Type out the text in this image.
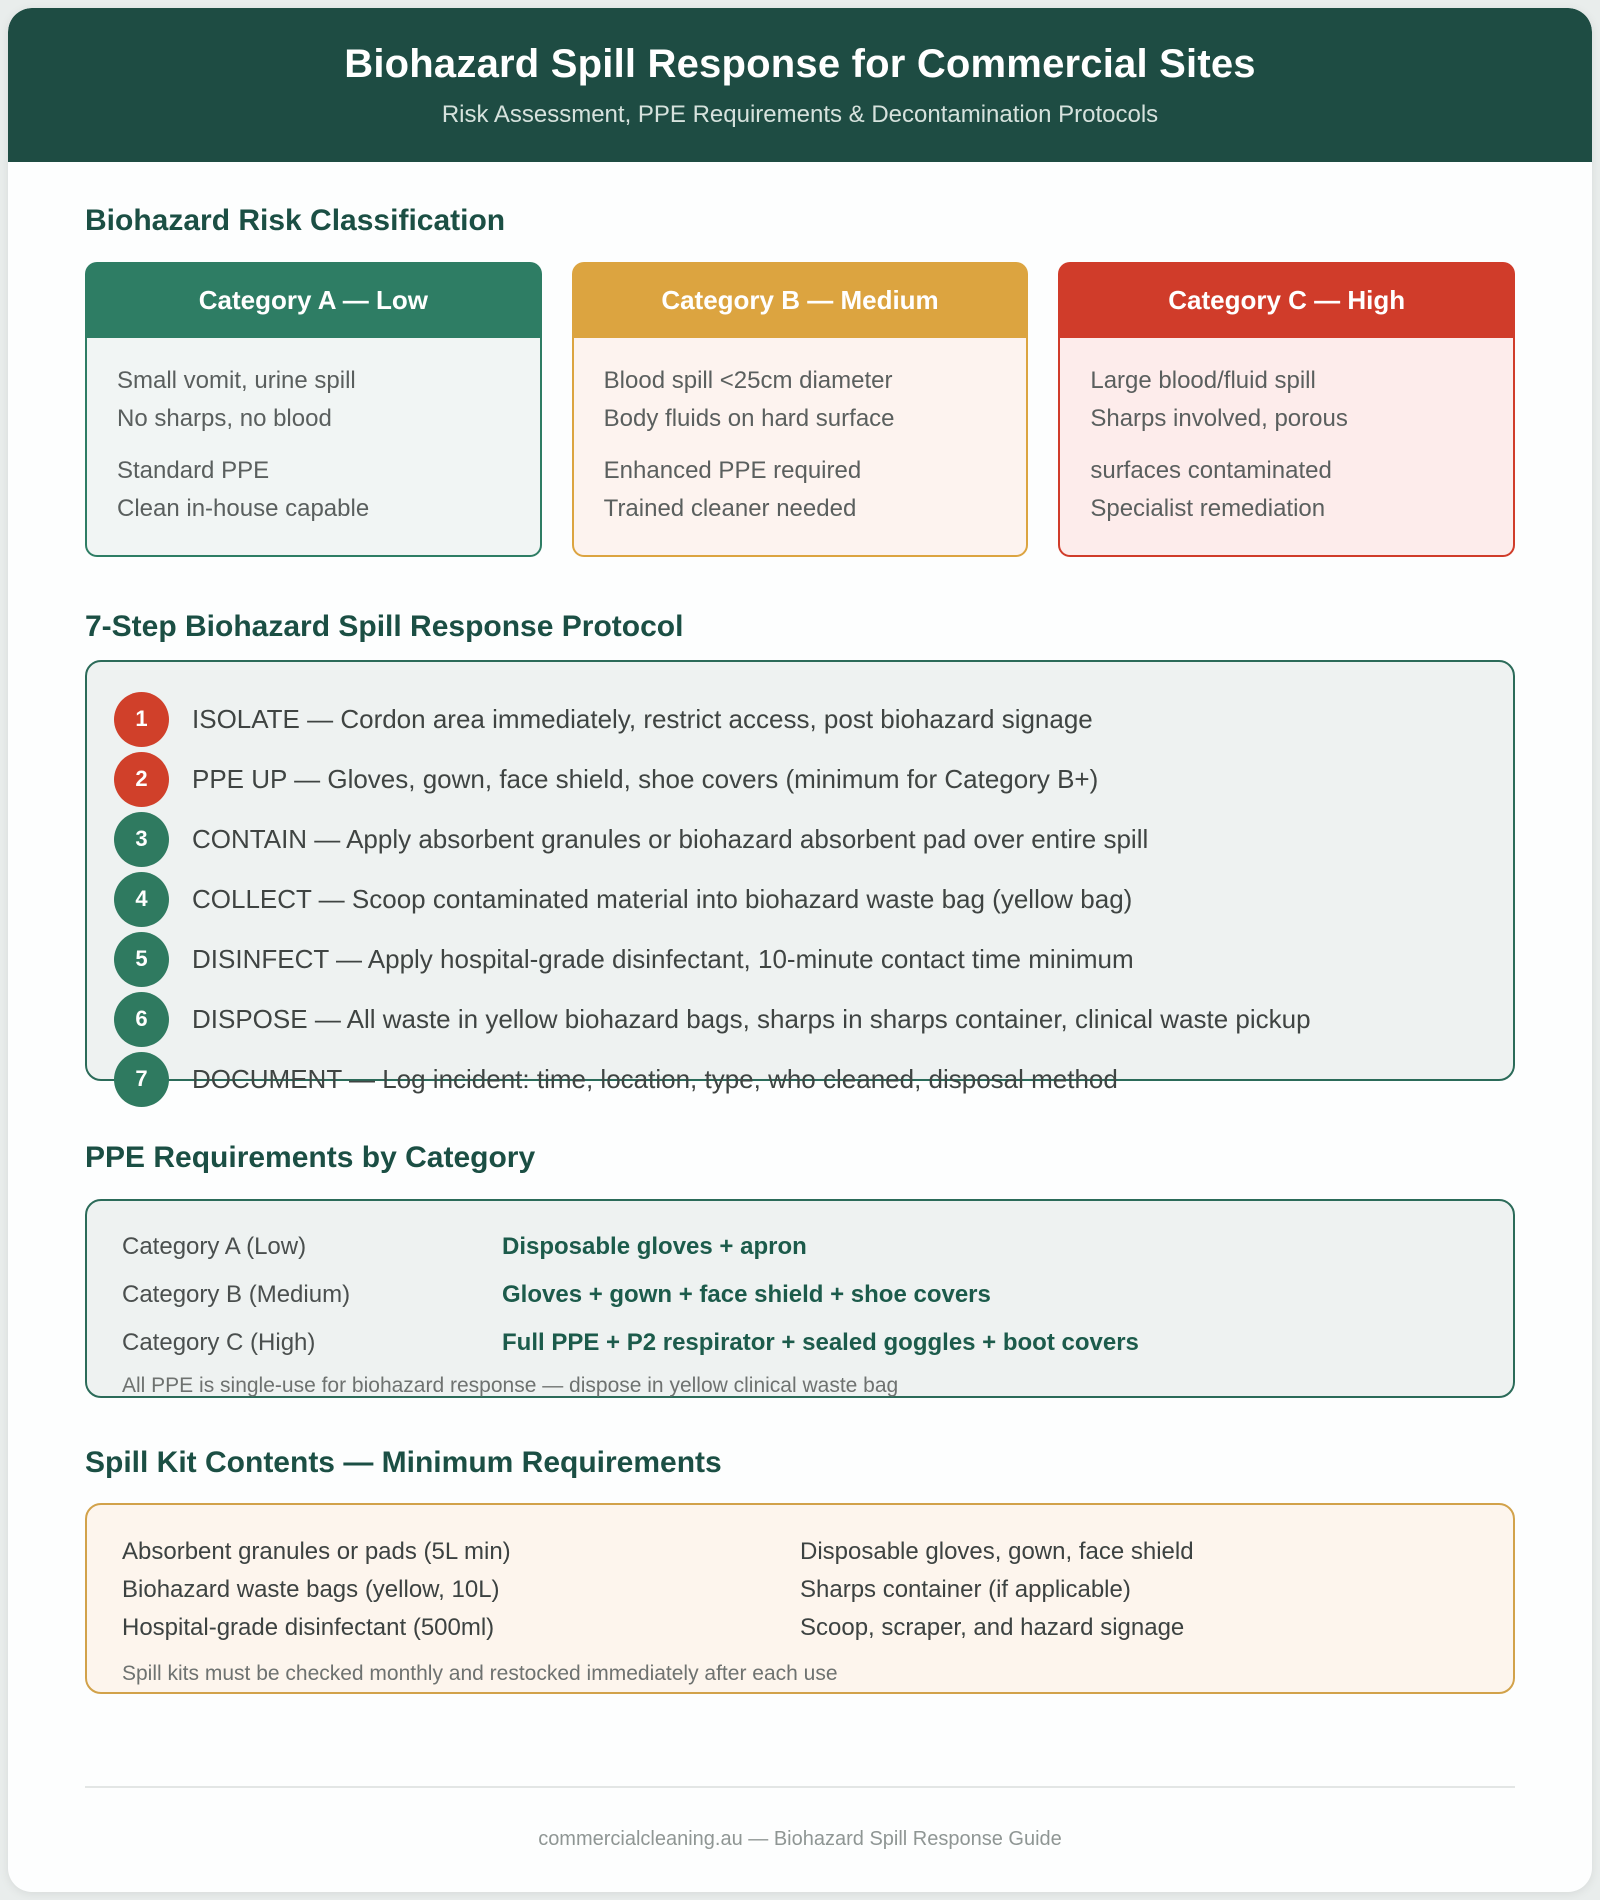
Biohazard Spill Response for Commercial Sites

Risk Assessment, PPE Requirements & Decontamination Protocols

Biohazard Risk Classification
Category A — Low
Small vomit, urine spill
No sharps, no blood
Standard PPE
Clean in-house capable
Category B — Medium
Blood spill <25cm diameter
Body fluids on hard surface
Enhanced PPE required
Trained cleaner needed
Category C — High
Large blood/fluid spill
Sharps involved, porous
surfaces contaminated
Specialist remediation
7-Step Biohazard Spill Response Protocol
1	ISOLATE — Cordon area immediately, restrict access, post biohazard signage
2	PPE UP — Gloves, gown, face shield, shoe covers (minimum for Category B+)
3	CONTAIN — Apply absorbent granules or biohazard absorbent pad over entire spill
4	COLLECT — Scoop contaminated material into biohazard waste bag (yellow bag)
5	DISINFECT — Apply hospital-grade disinfectant, 10-minute contact time minimum
6	DISPOSE — All waste in yellow biohazard bags, sharps in sharps container, clinical waste pickup
7	DOCUMENT — Log incident: time, location, type, who cleaned, disposal method
PPE Requirements by Category
Category A (Low)	Disposable gloves + apron
Category B (Medium)	Gloves + gown + face shield + shoe covers
Category C (High)	Full PPE + P2 respirator + sealed goggles + boot covers
All PPE is single-use for biohazard response — dispose in yellow clinical waste bag
Spill Kit Contents — Minimum Requirements
Absorbent granules or pads (5L min)
Biohazard waste bags (yellow, 10L)
Hospital-grade disinfectant (500ml)
Disposable gloves, gown, face shield
Sharps container (if applicable)
Scoop, scraper, and hazard signage
Spill kits must be checked monthly and restocked immediately after each use
commercialcleaning.au — Biohazard Spill Response Guide
